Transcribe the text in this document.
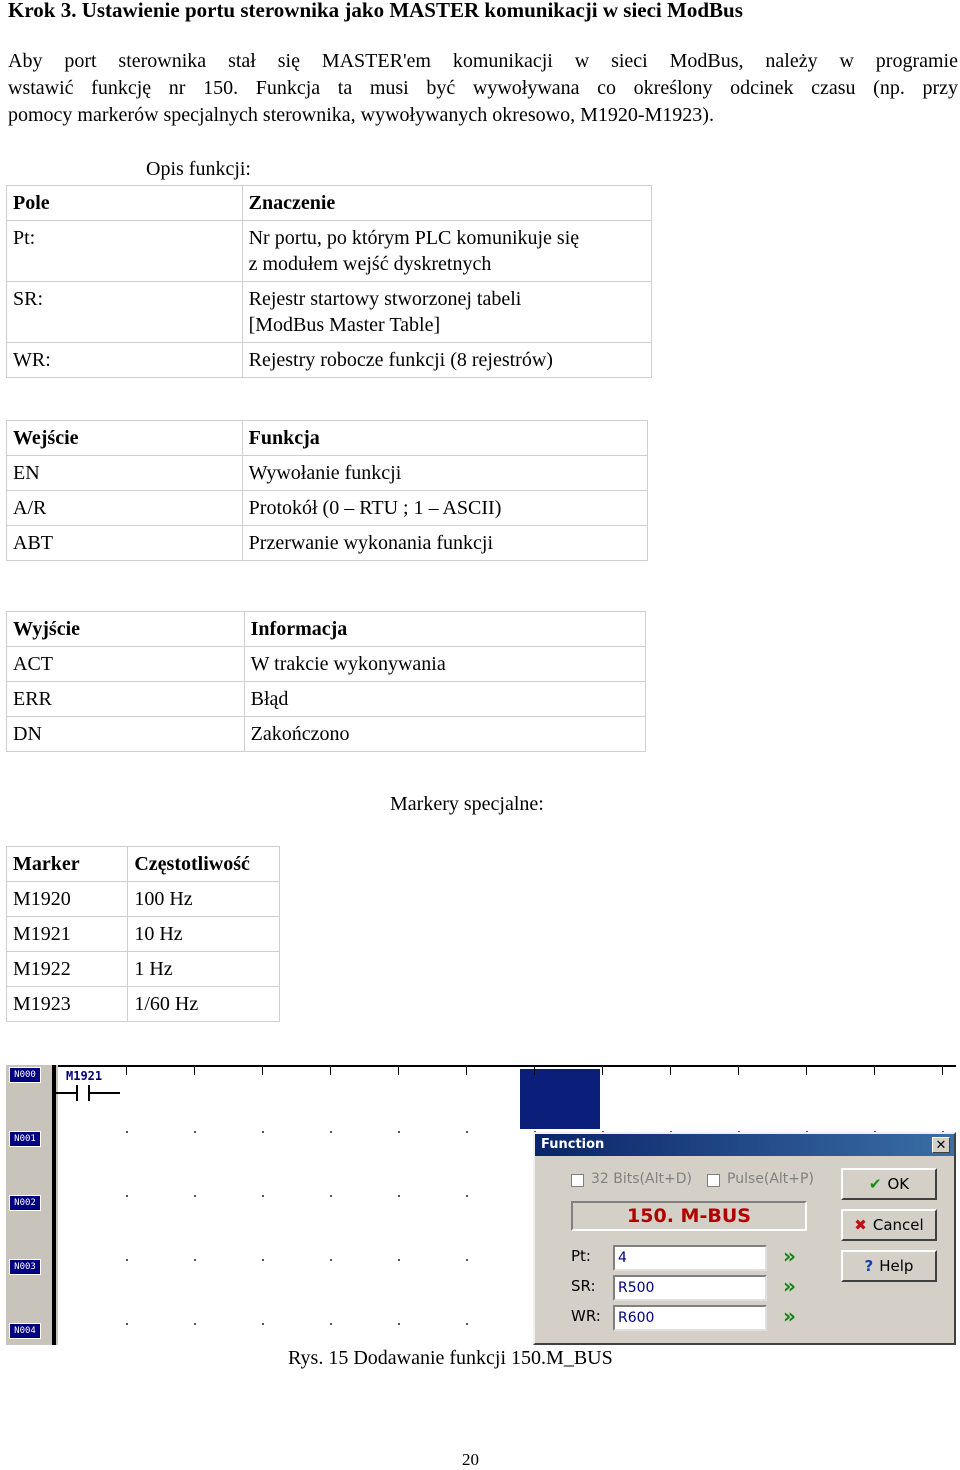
Krok 3. Ustawienie portu sterownika jako MASTER komunikacji w sieci ModBus
Aby port sterownika stał się MASTER'em komunikacji w sieci ModBus, należy w programie
wstawić funkcję nr 150. Funkcja ta musi być wywoływana co określony odcinek czasu (np. przy
pomocy markerów specjalnych sterownika, wywoływanych okresowo, M1920-M1923).
Opis funkcji:
Pole	Znaczenie
Pt:	Nr portu, po którym PLC komunikuje się
z modułem wejść dyskretnych
SR:	Rejestr startowy stworzonej tabeli
[ModBus Master Table]
WR:	Rejestry robocze funkcji (8 rejestrów)
Wejście	Funkcja
EN	Wywołanie funkcji
A/R	Protokół (0 – RTU ; 1 – ASCII)
ABT	Przerwanie wykonania funkcji
Wyjście	Informacja
ACT	W trakcie wykonywania
ERR	Błąd
DN	Zakończono
Markery specjalne:
Marker	Częstotliwość
M1920	100 Hz
M1921	10 Hz
M1922	1 Hz
M1923	1/60 Hz
N000
N001
N002
N003
N004
M1921
Function	✕
32 Bits(Alt+D)	Pulse(Alt+P)
150. M-BUS
Pt:	4	»
SR:	R500	»
WR:	R600	»
✔ OK
✖ Cancel
? Help
Rys. 15 Dodawanie funkcji 150.M_BUS
20
